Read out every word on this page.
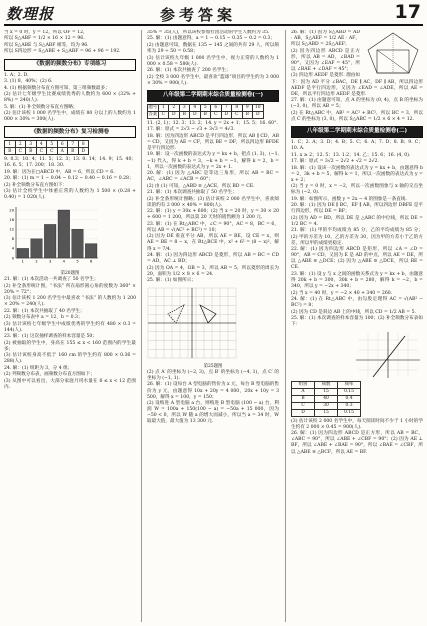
数理报	参考答案	17
当 x = 0 时，y = 12，所以 OF = 12，
所以 S△ABF = 1/2 × 16 × 12 = 96.
所以 S△ABE 与 S△ABF 相等，均为 96.
所以 S四边形 = S△ABE + S△ABF = 96 + 96 = 192.
《数据的频数分布》专项练习
1. A；2. D.
3. (1) 8，40%；(2) 6.
4. (1) 根据频数分布直方图可知，第三组频数最多；
(2) 估计七年级学生比赛成绩优秀的人数约为 600 × (32% + 8%) = 240(人).
5. 解：(1) 补全频数分布直方图略；
(2) 估计该校 1 000 名学生中，成绩在 80 分以上的人数约为 1 000 × 30% = 300(人).
《数据的频数分布》复习检测卷
1	2	3	4	5	6	7	8
B	C	B	C	C	A	B	D
9. 0.3；10. 4；11. 5；12. 3；13. 0. 14；14. 9；15. 40；16. 6. 5；17. 200；18. 30.
19. 解：因为在□ABCD 中，AB = 6，所以 CD = 6.
20. 解：(1) m = 1 − 0.04 − 0.12 − 0.40 − 0.16 = 0.28；
(2) 补全频数分布直方图如下：
(3) 估计全校学生中体重正常的人数约为 1 500 × (0.28 + 0.40) = 1 020(人).
0
4
8
12
16
20
1	2	3	4	5	6
第20题图
21. 解：(1) 本次活动一共调查了 50 名学生；
(2) 补全条形统计图，“书法” 所在扇形圆心角的度数为 360° × 20% = 72°；
(3) 估计该校 1 200 名学生中最喜欢 “书法” 的人数约为 1 200 × 20% = 240(人).
22. 解：(1) 本次共抽取了 40 名学生；
(2) 频数分布表中 a = 12，b = 0.3；
(3) 估计该校七年级学生中成绩优秀的学生约有 480 × 0.3 = 144(人).
23. 解：(1) 这次抽样调查的样本容量是 50；
(2) 被抽取的学生中，身高在 155 ≤ x < 160 范围内的学生最多；
(3) 估计该校身高不低于 160 cm 的学生约有 800 × 0.36 = 288(人).
24. 解：(1) 组距为 3，分 4 组；
(2) 列频数分布表，画频数分布直方图如下；
(3) 从图中可以看出，大部分家庭月用水量在 6 ≤ x < 12 范围内.
35% = 35(人)，所以该校参加社团活动的学生人数约为 35.
25. 解：(1) 由题意得，a = 1 − 0.15 − 0.35 − 0.2 = 0.3；
(2) 由题意可知，数据在 135 ~ 145 之间的共有 29 人，所以频率为 29 ÷ 50 = 0.58；
(3) 估计该校九年级 1 000 名学生中，视力正常的人数约为 1 000 × 0.58 = 580(人).
26. 解：(1) 本次共抽查了 200 名学生；
(2) 全校 3 000 名学生中，最喜欢“篮球”项目的学生约为 3 000 × 30% = 900(人).
八年级第二学期期末综合质量检测卷(一)
题号	1	2	3	4	5	6	7	8	9	10
答案	C	D	B	D	B	C	D	C	B	D
11. (2, 1)；12. 3；13. 2；14. y = 2x + 1；15. 5；16. 60°.
17. 解：原式 = 2√3 − √3 + 3√3 = 4√3.
18. 解：因为四边形 ABCD 是平行四边形，所以 AB ∥ CD，AB = CD，又因为 AE = CF，所以 BE = DF，所以四边形 BFDE 是平行四边形.
19. 解：设一次函数的表达式为 y = kx + b，把点 (1, 3)，(−1, −1) 代入，得 k + b = 3，−k + b = −1，解得 k = 2，b = 1，所以一次函数的表达式为 y = 2x + 1.
20. 解：(1) 因为 △ABC 是等边三角形，所以 AB = BC = AC，∠ABC = ∠ACB = 60°；
(2) 由 (1) 可知，△ABD ≌ △ACE，所以 BD = CE.
21. 解：(1) 本次调查共抽取了 50 名学生；
(2) 补全条形统计图略；(3) 估计该校 2 000 名学生中，喜欢阅读的约有 2 000 × 40% = 800(人).
22. 解：(1) y = 30x + 600；(2) 当 x = 20 时，y = 30 × 20 + 600 = 1 200，所以第 20 天时的销售额为 1 200 元.
23. 解：(1) 在 Rt△ABC 中，∠C = 90°，AC = 8，BC = 6，所以 AB = √(AC² + BC²) = 10；
(2) 因为 DE 垂直平分 AB，所以 AE = BE，设 CE = x，则 AE = BE = 8 − x，在 Rt△BCE 中，x² + 6² = (8 − x)²，解得 x = 7/4.
24. 解：(1) 因为四边形 ABCD 是菱形，所以 AB = BC = CD = AD，AC ⊥ BD；
(2) 因为 OA = 4，OB = 3，所以 AB = 5，所以菱形的周长为 20，面积为 1/2 × 8 × 6 = 24.
25. 解：(1) 如图所示；
第25题图
(2) 点 A′ 的坐标为 (−2, 3)，点 B′ 的坐标为 (−4, 1)，点 C′ 的坐标为 (−1, 1).
26. 解：(1) 设每台 A 型电脑的售价为 x 元，每台 B 型电脑的售价为 y 元，由题意得 10x + 20y = 4 000，20x + 10y = 3 500，解得 x = 100，y = 150；
(2) 设购进 A 型电脑 a 台，则购进 B 型电脑 (100 − a) 台，利润 W = 100a + 150(100 − a) = −50a + 15 000，因为 −50 < 0，所以 W 随 a 的增大而减小，所以当 a = 34 时，W 取最大值，最大值为 13 300 元.
26. 解：(1) 因为 S△ABD = AD · AB，S△AEF = 1/2 AE · AF，所以 S△ABD = 2S△AEF；
(2) 因为四边形 ABCD 是正方形，所以 AB = AD，∠BAD = 90°，又因为 ∠EAF = 45°，所以 ∠BAE + ∠DAF = 45°；
(3) 四边形 AEDF 是菱形. 理由如下：因为 AD 平分 ∠BAC，DE ∥ AC，DF ∥ AB，所以四边形 AEDF 是平行四边形，又因为 ∠EAD = ∠ADE，所以 AE = DE，所以平行四边形 AEDF 是菱形.
27. 解：(1) 由题意可知，点 A 的坐标为 (0, 4)，点 B 的坐标为 (−3, 0)，所以 AB = 5；
(2) 在 Rt△ABC 中，AB² = AC² + BC²，所以 BC = 3，所以点 C 的坐标为 (3, 0)，所以 S△ABC = 1/2 × 6 × 4 = 12.
八年级第二学期期末综合质量检测卷(二)
1. C；2. A；3. D；4. B；5. C；6. A；7. D；8. B；9. C；10. A.
11. x ≥ 2；12. 5；13. 1.2；14. 乙；15. 6；16. (4, 0).
17. 解：原式 = 3√2 − 2√2 + √2 = 2√2.
18. 解：(1) 设该一次函数的表达式为 y = kx + b，由题意得 b = 2，3k + b = 5，解得 k = 1，所以一次函数的表达式为 y = x + 2；
(2) 当 y = 0 时，x = −2，所以一次函数图象与 x 轴的交点坐标为 (−2, 0).
19. 解：如图所示，函数 y = 2x − 4 的图象是一条直线.
20. 解：(1) 因为 DE ∥ BC，EF ∥ AB，所以四边形 DBFE 是平行四边形，所以 DE = BF；
(2) 因为 AD = BD，所以 DE 是 △ABC 的中位线，所以 DE = 1/2 BC = 4.
21. 解：(1) 甲的平均成绩为 85 分，乙的平均成绩为 85 分；(2) 甲的方差为 10，乙的方差为 30，因为甲的方差小于乙的方差，所以甲的成绩更稳定.
22. 解：(1) 因为四边形 ABCD 是矩形，所以 ∠A = ∠D = 90°，AB = CD，又因为 E 是 AD 的中点，所以 AE = DE，所以 △ABE ≌ △DCE；(2) 因为 △ABE ≌ △DCE，所以 BE = CE.
23. 解：(1) 设 y 与 x 之间的函数关系式为 y = kx + b，由题意得 20k + b = 300，30k + b = 280，解得 k = −2，b = 340，所以 y = −2x + 340；
(2) 当 x = 40 时，y = −2 × 40 + 340 = 260.
24. 解：(1) 在 Rt△ABC 中，由勾股定理得 AC = √(AB² − BC²) = 8；
(2) 因为 CD 是斜边 AB 上的中线，所以 CD = 1/2 AB = 5.
25. 解：(1) 本次调查的样本容量为 100；(2) 补全频数分布表如下：
组别	频数	频率
A	15	0.15
B	40	0.4
C	30	0.3
D	15	0.15
(3) 估计该校 2 000 名学生中，每天阅读时间不少于 1 小时的学生约有 2 000 × 0.45 = 900(人).
26. 解：(1) 因为四边形 ABCD 是正方形，所以 AB = BC，∠ABC = 90°，所以 ∠ABE + ∠CBF = 90°；(2) 因为 AE ⊥ BF，所以 ∠ABE + ∠BAE = 90°，所以 ∠BAE = ∠CBF，所以 △ABE ≌ △BCF，所以 AE = BF.
